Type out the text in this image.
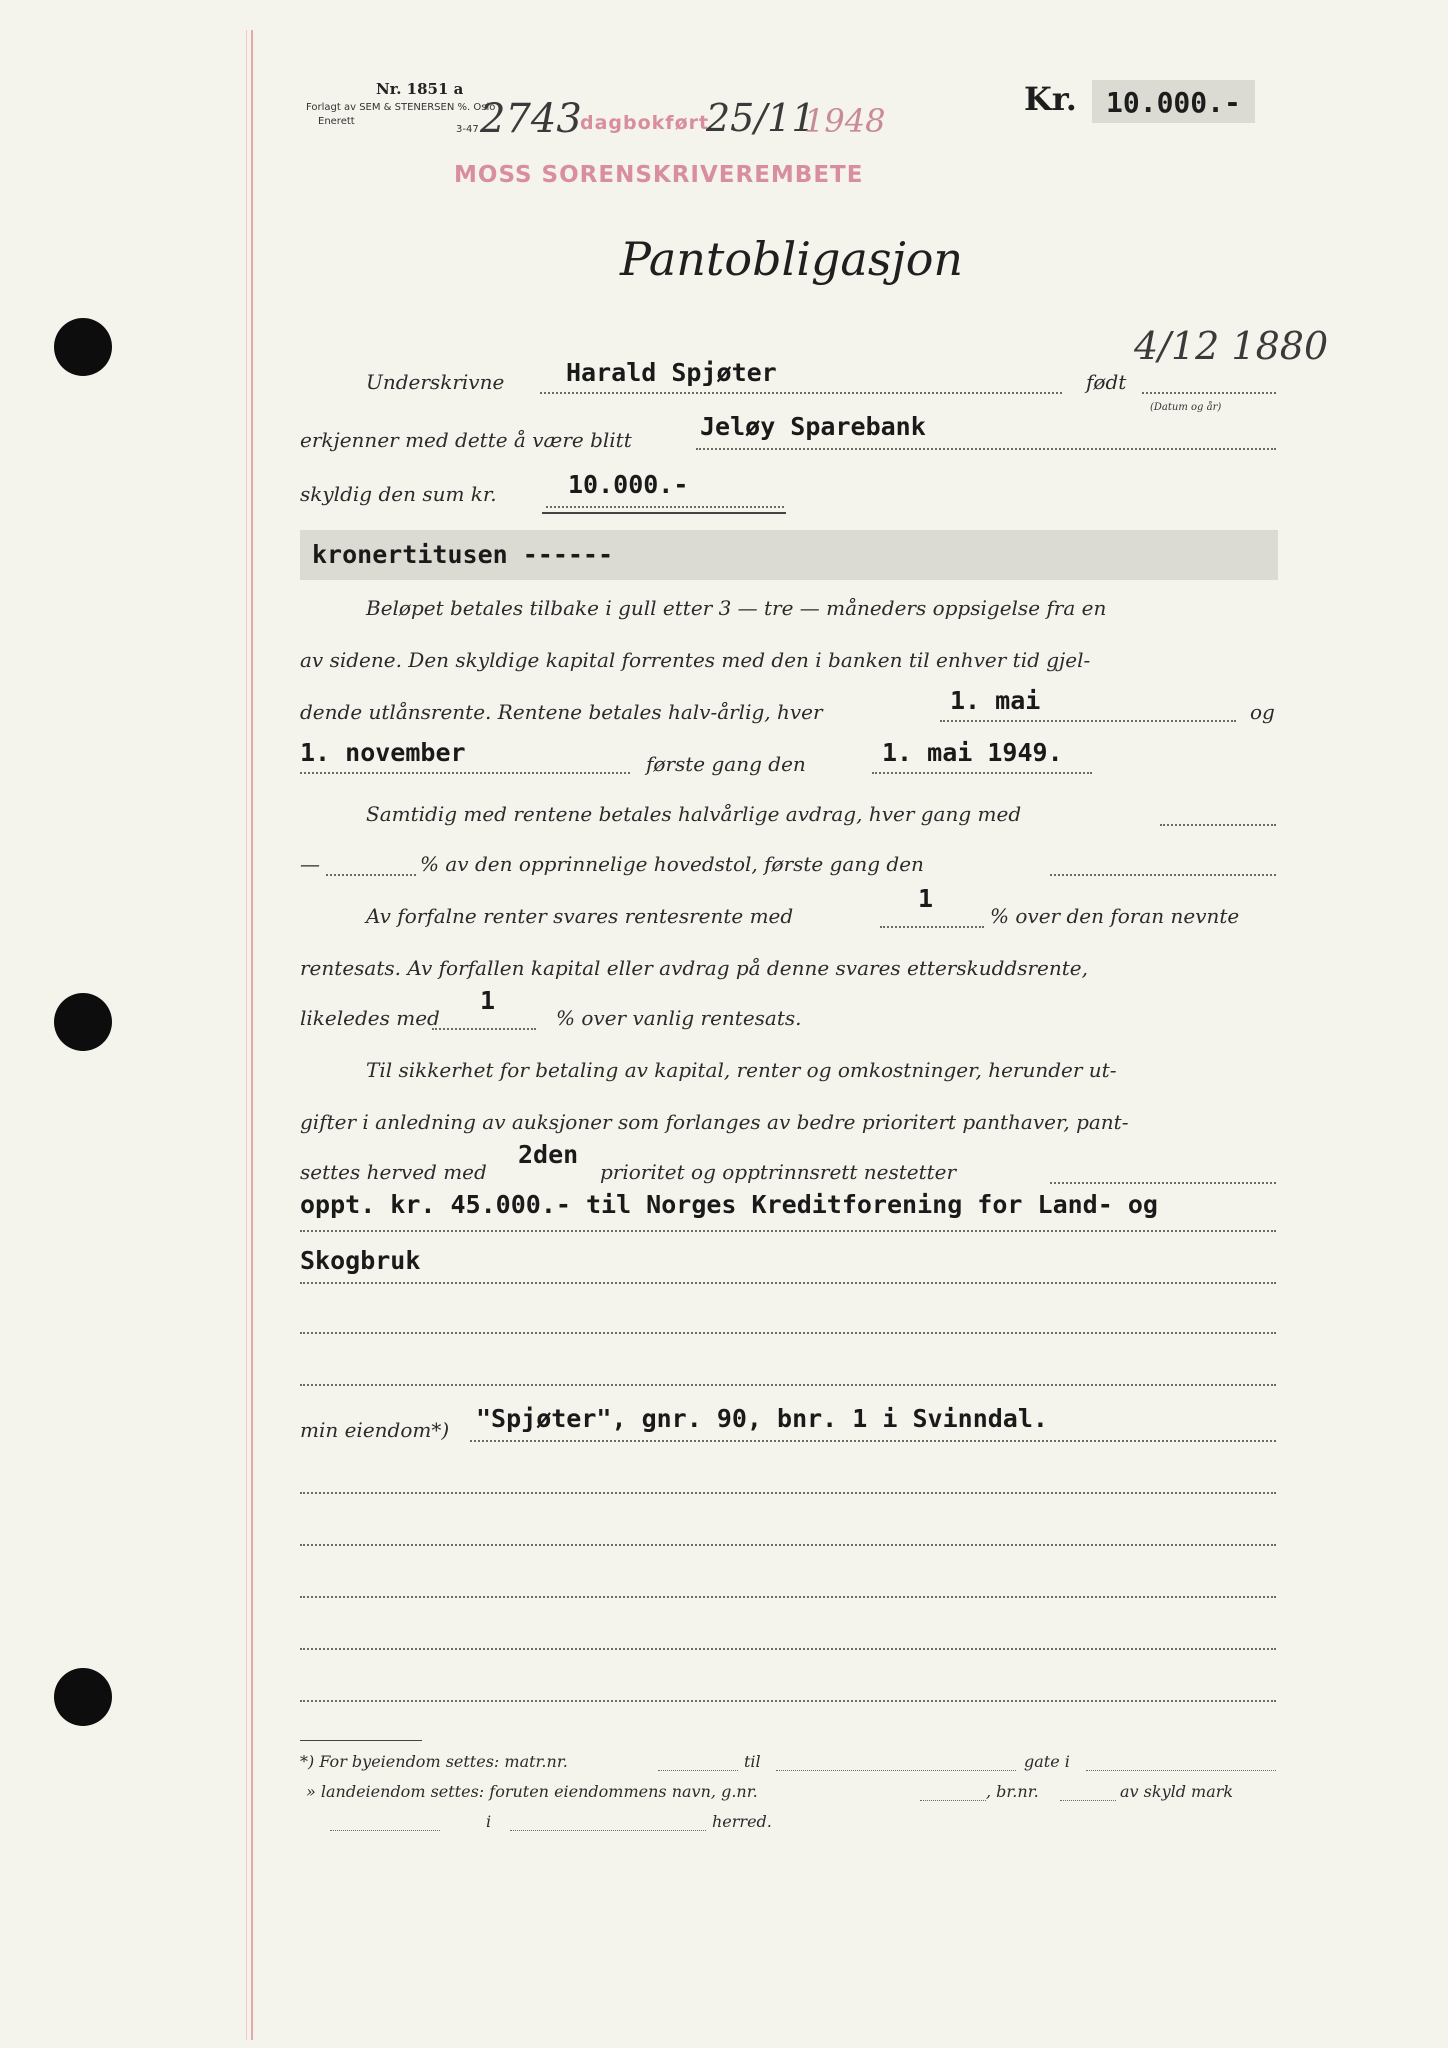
Nr. 1851 a
Forlagt av SEM & STENERSEN %. Oslo
Enerett
3-47 2743
dagbokført
25/11
1948
MOSS SORENSKRIVEREMBETE
Kr.	10.000.-
Pantobligasjon
Underskrivne Harald Spjøter	født
4/12 1880
(Datum og år)
erkjenner med dette å være blitt	Jeløy Sparebank
skyldig den sum kr.	10.000.-
kronertitusen ------
Beløpet betales tilbake i gull etter 3 — tre — måneders oppsigelse fra en
av sidene. Den skyldige kapital forrentes med den i banken til enhver tid gjel-
dende utlånsrente. Rentene betales halv-årlig, hver	1. mai	og
1. november	første gang den	1. mai 1949.
Samtidig med rentene betales halvårlige avdrag, hver gang med
—	% av den opprinnelige hovedstol, første gang den
Av forfalne renter svares rentesrente med
1
% over den foran nevnte
rentesats. Av forfallen kapital eller avdrag på denne svares etterskuddsrente,
likeledes med
1
% over vanlig rentesats.
Til sikkerhet for betaling av kapital, renter og omkostninger, herunder ut-
gifter i anledning av auksjoner som forlanges av bedre prioritert panthaver, pant-
settes herved med
2den
prioritet og opptrinnsrett nestetter
oppt. kr. 45.000.- til Norges Kreditforening for Land- og
Skogbruk
min eiendom*) "Spjøter", gnr. 90, bnr. 1 i Svinndal.
*) For byeiendom settes: matr.nr.	til	gate i
» landeiendom settes: foruten eiendommens navn, g.nr.	, br.nr.	av skyld mark
i	herred.
